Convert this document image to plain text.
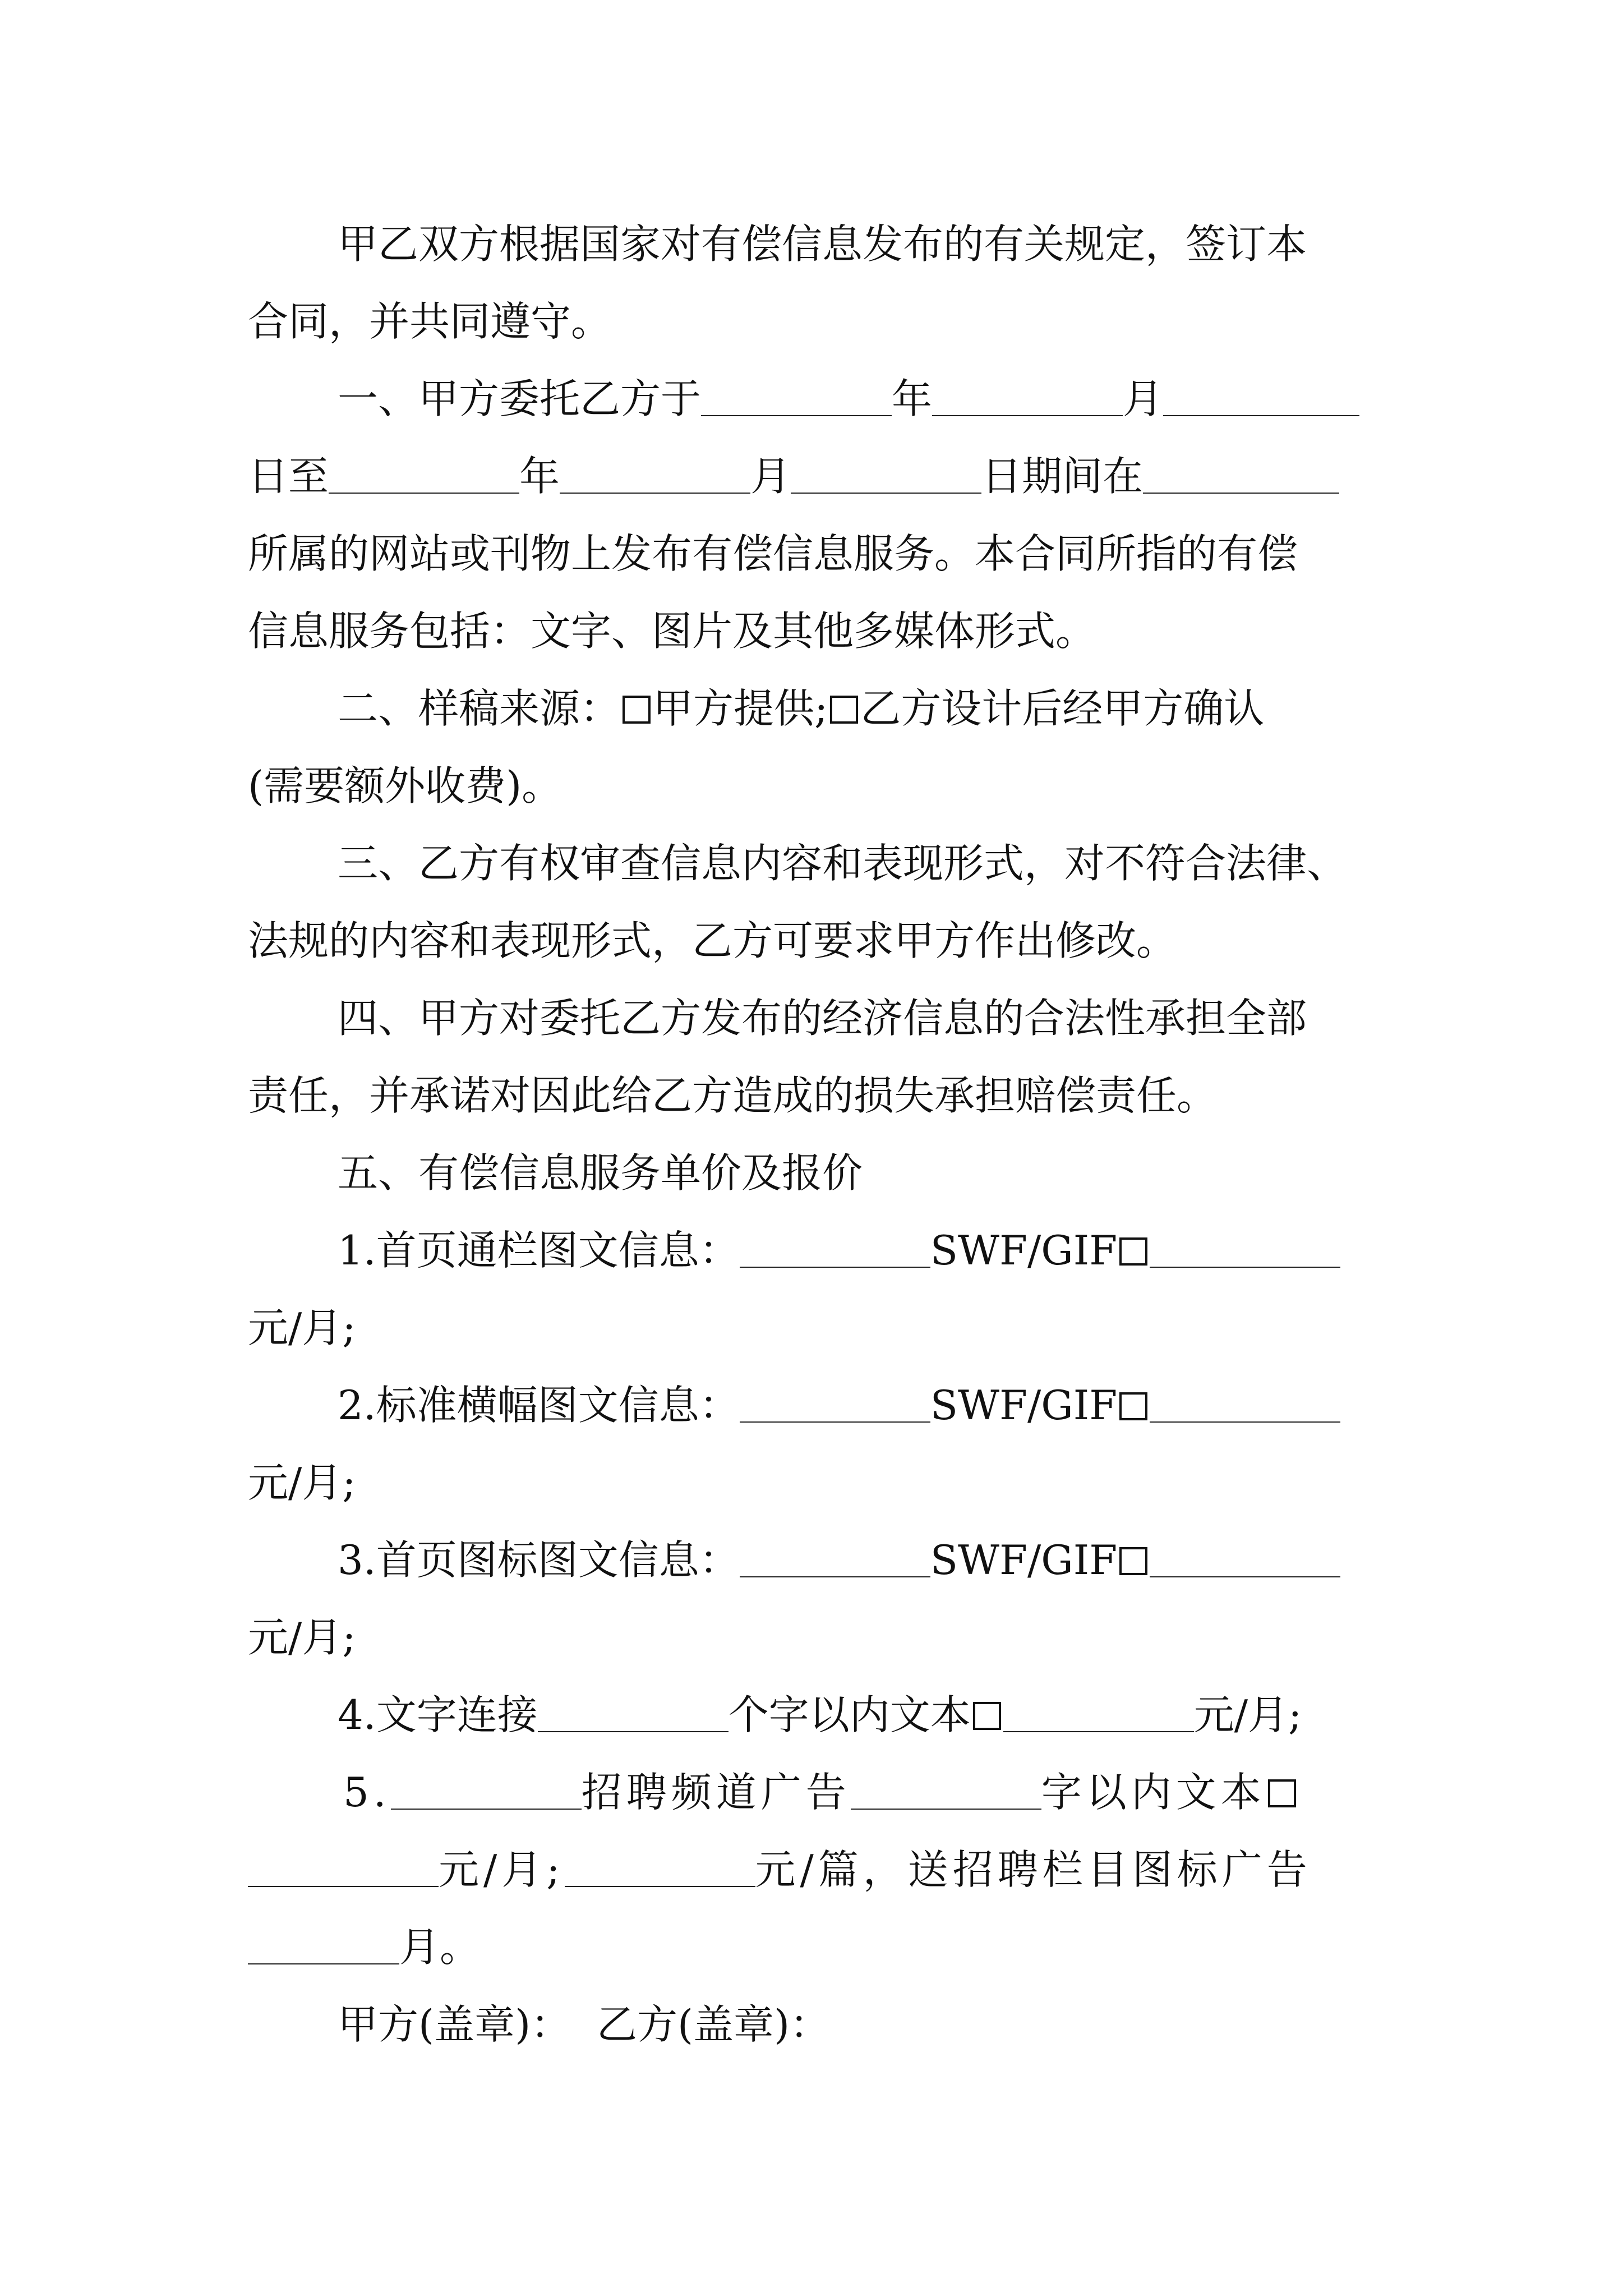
甲乙双方根据国家对有偿信息发布的有关规定，签订本
合同，并共同遵守。
一、甲方委托乙方于	年	月
日至	年	月	日期间在
所属的网站或刊物上发布有偿信息服务。本合同所指的有偿
信息服务包括：文字、图片及其他多媒体形式。
二、样稿来源： 甲方提供; 乙方设计后经甲方确认
(需要额外收费)。
三、乙方有权审查信息内容和表现形式，对不符合法律、
法规的内容和表现形式，乙方可要求甲方作出修改。
四、甲方对委托乙方发布的经济信息的合法性承担全部
责任，并承诺对因此给乙方造成的损失承担赔偿责任。
五、有偿信息服务单价及报价
1.首页通栏图文信息：	SWF/GIF
元/月;
2.标准横幅图文信息：	SWF/GIF
元/月;
3.首页图标图文信息：	SWF/GIF
元/月;
4.文字连接	个字以内文本	元/月;
5.	招聘频道广告	字以内文本
元/月;	元/篇，送招聘栏目图标广告
月。
甲方(盖章)：  乙方(盖章)：
